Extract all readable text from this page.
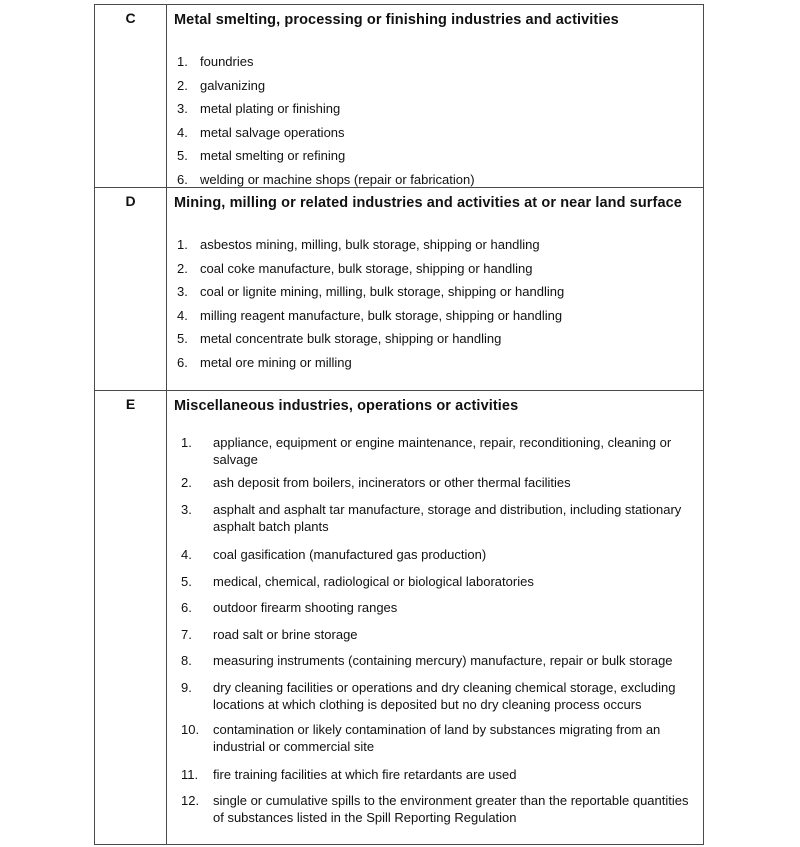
C	Metal smelting, processing or finishing industries and activities

1. foundries
2. galvanizing
3. metal plating or finishing
4. metal salvage operations
5. metal smelting or refining
6. welding or machine shops (repair or fabrication)
D	Mining, milling or related industries and activities at or near land surface

1. asbestos mining, milling, bulk storage, shipping or handling
2. coal coke manufacture, bulk storage, shipping or handling
3. coal or lignite mining, milling, bulk storage, shipping or handling
4. milling reagent manufacture, bulk storage, shipping or handling
5. metal concentrate bulk storage, shipping or handling
6. metal ore mining or milling
E	Miscellaneous industries, operations or activities

1.	appliance, equipment or engine maintenance, repair, reconditioning, cleaning or salvage
2.	ash deposit from boilers, incinerators or other thermal facilities
3.	asphalt and asphalt tar manufacture, storage and distribution, including stationary asphalt batch plants
4.	coal gasification (manufactured gas production)
5.	medical, chemical, radiological or biological laboratories
6.	outdoor firearm shooting ranges
7.	road salt or brine storage
8.	measuring instruments (containing mercury) manufacture, repair or bulk storage
9.	dry cleaning facilities or operations and dry cleaning chemical storage, excluding locations at which clothing is deposited but no dry cleaning process occurs
10.	contamination or likely contamination of land by substances migrating from an industrial or commercial site
11.	fire training facilities at which fire retardants are used
12.	single or cumulative spills to the environment greater than the reportable quantities of substances listed in the Spill Reporting Regulation
